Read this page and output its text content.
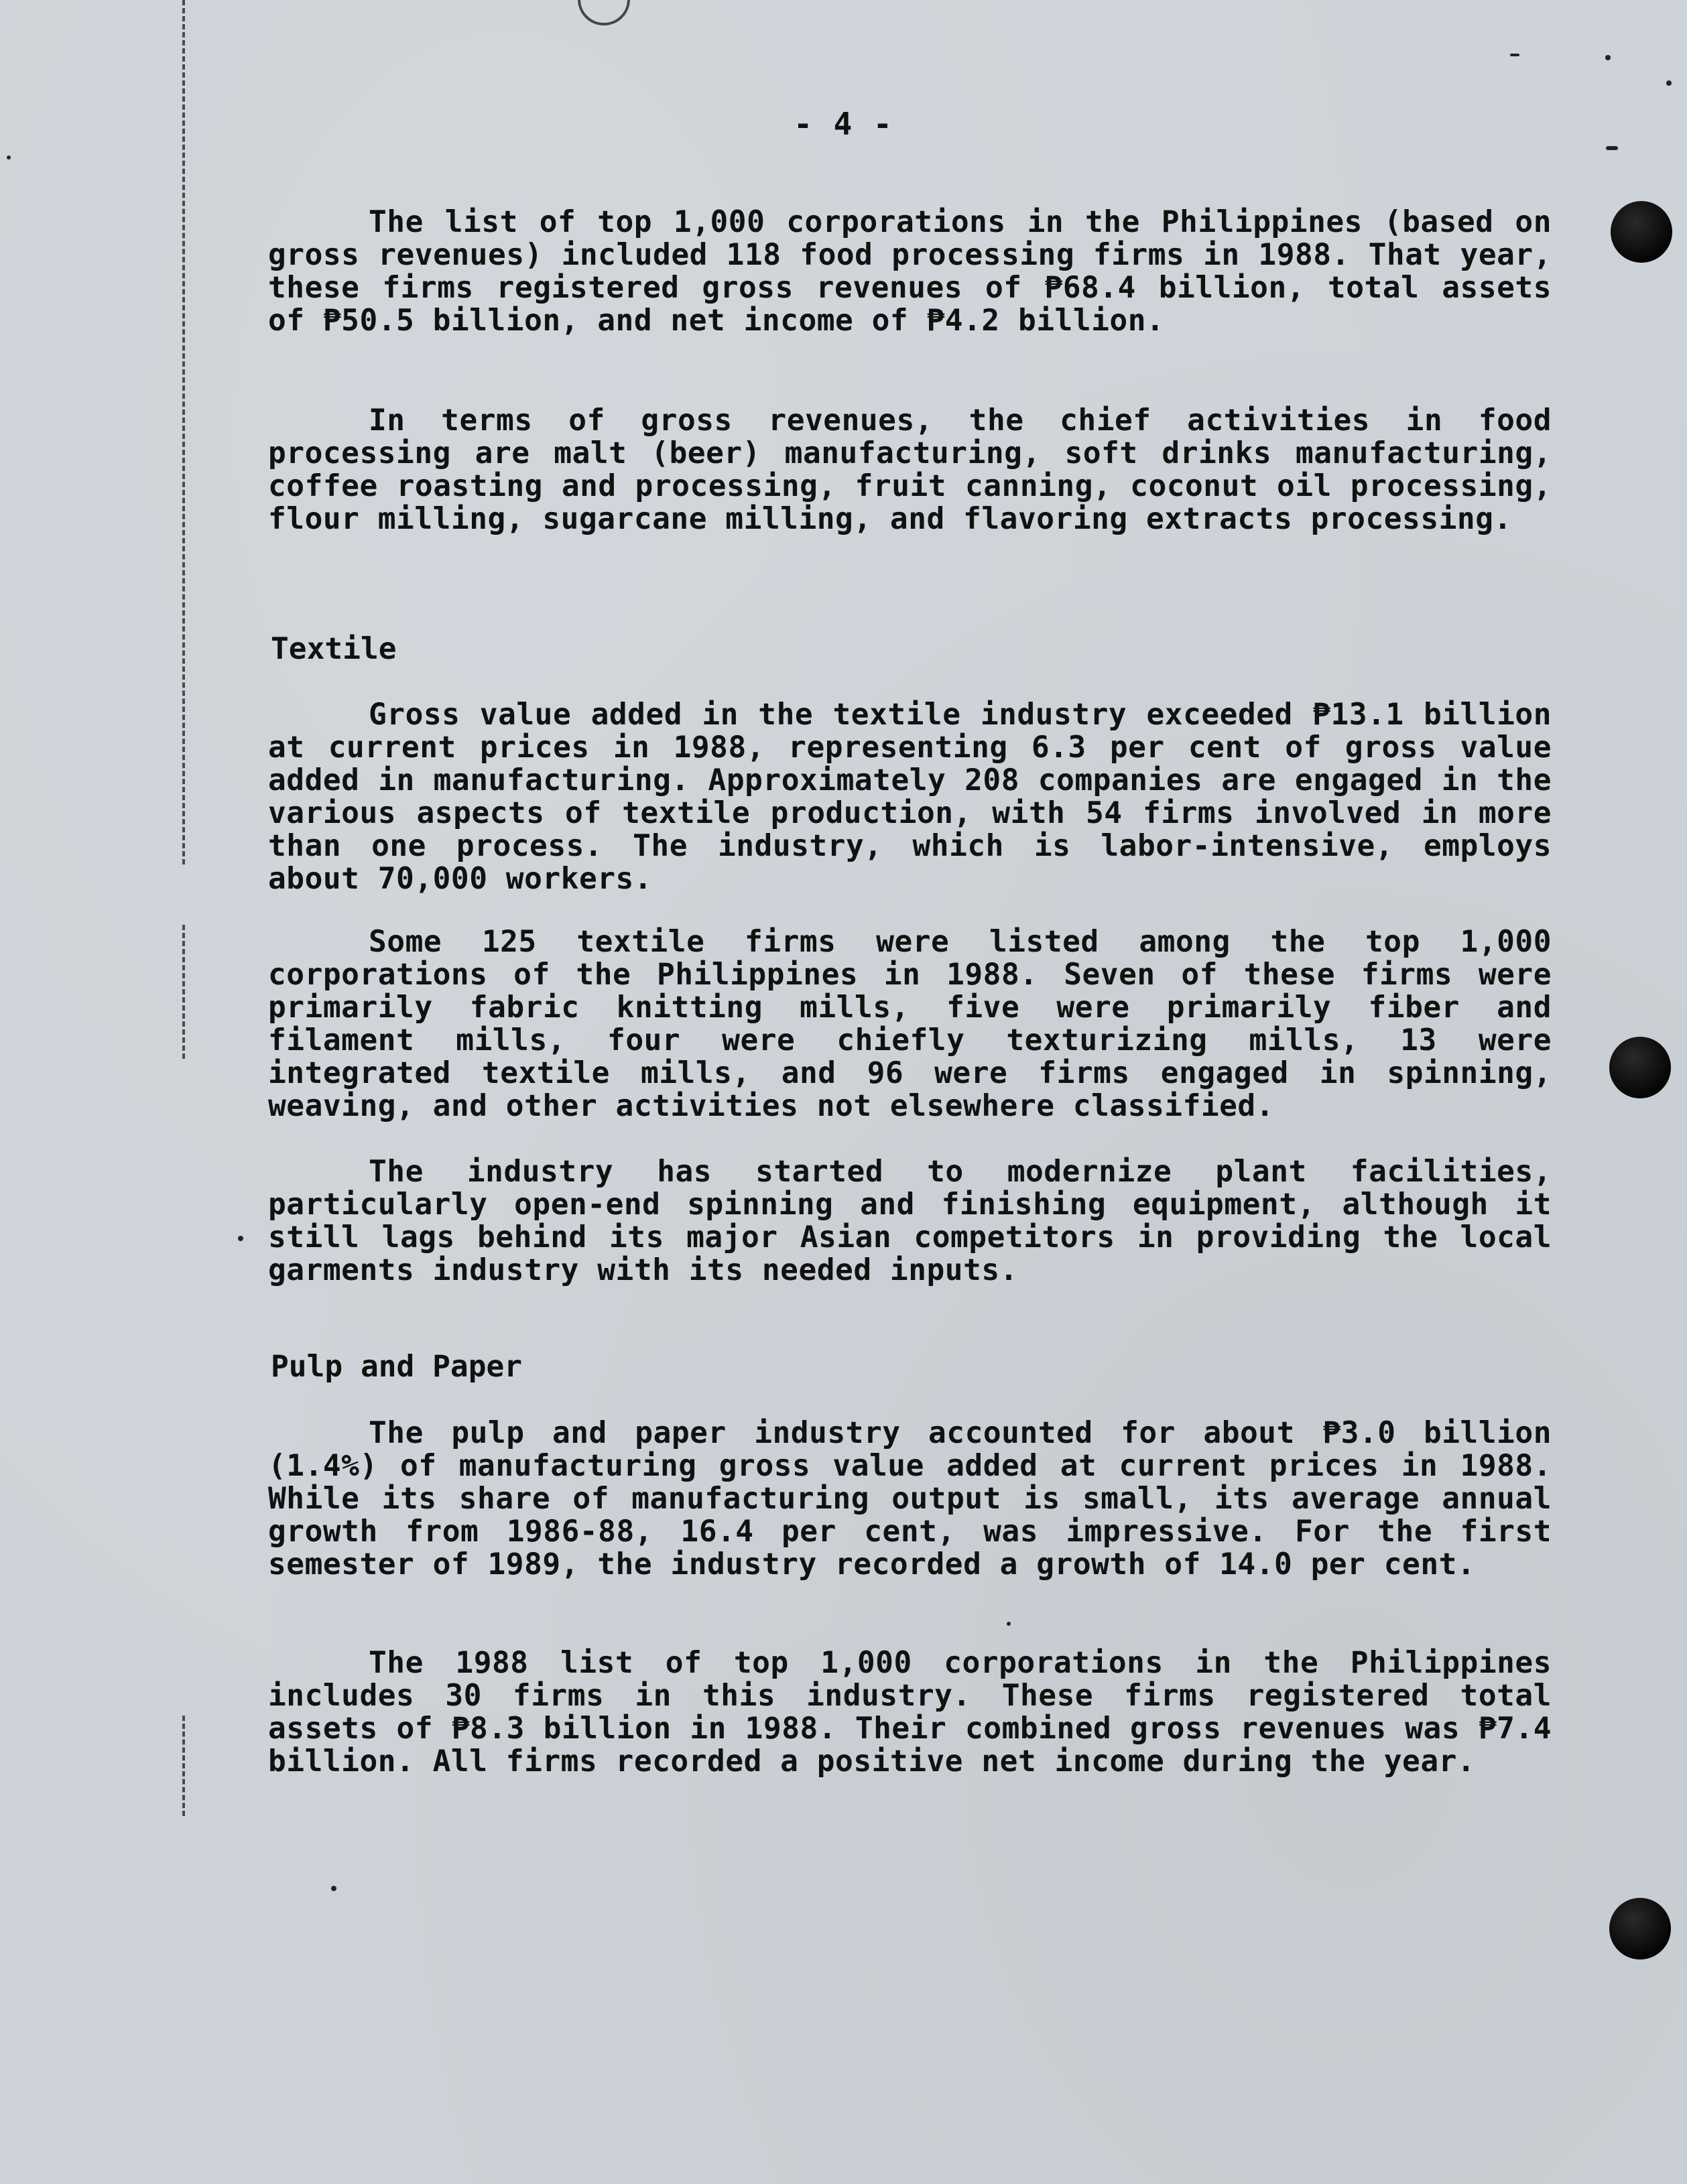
- 4 -

The list of top 1,000 corporations in the Philippines (based on gross revenues) included 118 food processing firms in 1988. That year, these firms registered gross revenues of ₱68.4 billion, total assets of ₱50.5 billion, and net income of ₱4.2 billion.

In terms of gross revenues, the chief activities in food processing are malt (beer) manufacturing, soft drinks manufacturing, coffee roasting and processing, fruit canning, coconut oil processing, flour milling, sugarcane milling, and flavoring extracts processing.

Textile

Gross value added in the textile industry exceeded ₱13.1 billion at current prices in 1988, representing 6.3 per cent of gross value added in manufacturing. Approximately 208 companies are engaged in the various aspects of textile production, with 54 firms involved in more than one process. The industry, which is labor-intensive, employs about 70,000 workers.

Some 125 textile firms were listed among the top 1,000 corporations of the Philippines in 1988. Seven of these firms were primarily fabric knitting mills, five were primarily fiber and filament mills, four were chiefly texturizing mills, 13 were integrated textile mills, and 96 were firms engaged in spinning, weaving, and other activities not elsewhere classified.

The industry has started to modernize plant facilities, particularly open-end spinning and finishing equipment, although it still lags behind its major Asian competitors in providing the local garments industry with its needed inputs.

Pulp and Paper

The pulp and paper industry accounted for about ₱3.0 billion (1.4%) of manufacturing gross value added at current prices in 1988. While its share of manufacturing output is small, its average annual growth from 1986-88, 16.4 per cent, was impressive. For the first semester of 1989, the industry recorded a growth of 14.0 per cent.

The 1988 list of top 1,000 corporations in the Philippines includes 30 firms in this industry. These firms registered total assets of ₱8.3 billion in 1988. Their combined gross revenues was ₱7.4 billion. All firms recorded a positive net income during the year.
